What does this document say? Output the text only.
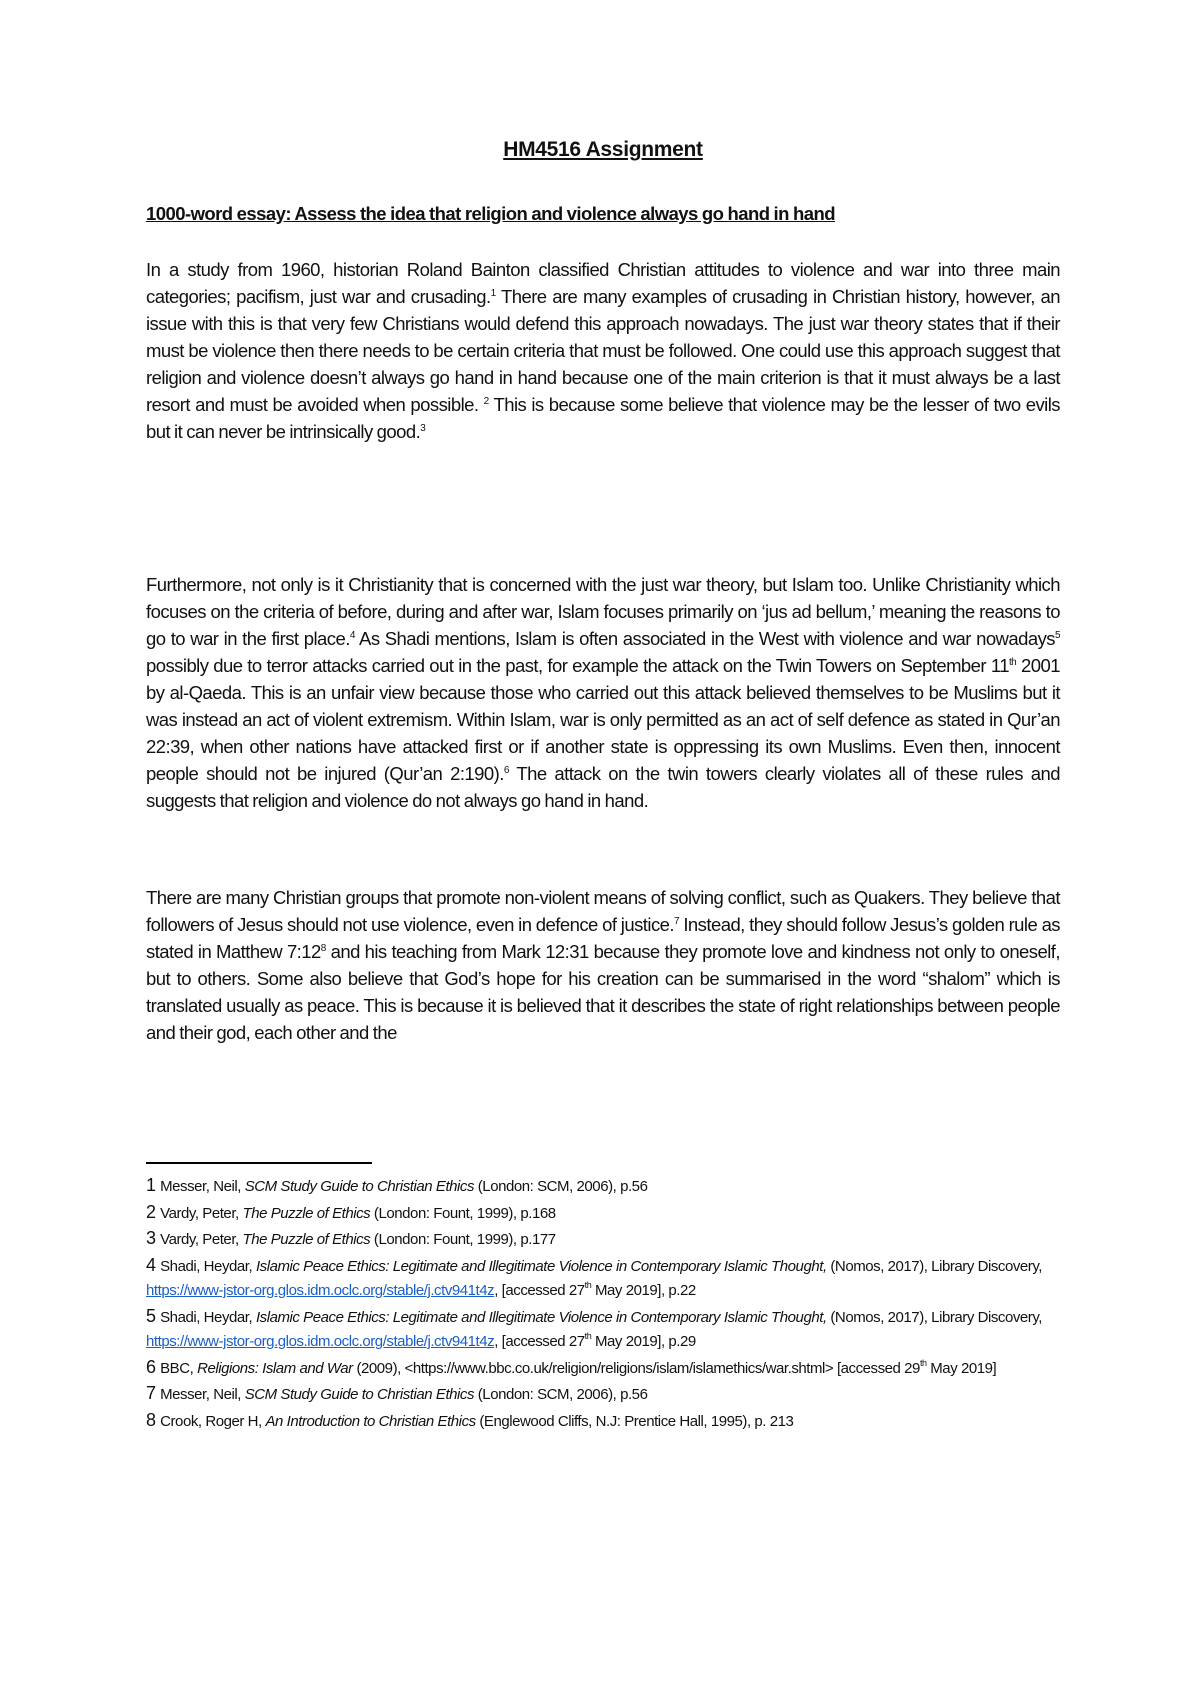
HM4516 Assignment
1000-word essay: Assess the idea that religion and violence always go hand in hand
In a study from 1960, historian Roland Bainton classified Christian attitudes to violence and war into three main categories; pacifism, just war and crusading.$^1$ There are many examples of crusading in Christian history, however, an issue with this is that very few Christians would defend this approach nowadays. The just war theory states that if their must be violence then there needs to be certain criteria that must be followed. One could use this approach suggest that religion and violence doesn’t always go hand in hand because one of the main criterion is that it must always be a last resort and must be avoided when possible. $^2$ This is because some believe that violence may be the lesser of two evils but it can never be intrinsically good.$^3$
Furthermore, not only is it Christianity that is concerned with the just war theory, but Islam too. Unlike Christianity which focuses on the criteria of before, during and after war, Islam focuses primarily on ‘jus ad bellum,’ meaning the reasons to go to war in the first place.$^4$ As Shadi mentions, Islam is often associated in the West with violence and war nowadays$^5$ possibly due to terror attacks carried out in the past, for example the attack on the Twin Towers on September 11th 2001 by al-Qaeda. This is an unfair view because those who carried out this attack believed themselves to be Muslims but it was instead an act of violent extremism. Within Islam, war is only permitted as an act of self defence as stated in Qur’an 22:39, when other nations have attacked first or if another state is oppressing its own Muslims. Even then, innocent people should not be injured (Qur’an 2:190).$^6$ The attack on the twin towers clearly violates all of these rules and suggests that religion and violence do not always go hand in hand.
There are many Christian groups that promote non-violent means of solving conflict, such as Quakers. They believe that followers of Jesus should not use violence, even in defence of justice.$^7$ Instead, they should follow Jesus’s golden rule as stated in Matthew $7:12^8$ and his teaching from Mark 12:31 because they promote love and kindness not only to oneself, but to others. Some also believe that God’s hope for his creation can be summarised in the word “shalom” which is translated usually as peace. This is because it is believed that it describes the state of right relationships between people and their god, each other and the
1 Messer, Neil, SCM Study Guide to Christian Ethics (London: SCM, 2006), p.56
2 Vardy, Peter, The Puzzle of Ethics (London: Fount, 1999), p.168
3 Vardy, Peter, The Puzzle of Ethics (London: Fount, 1999), p.177
4 Shadi, Heydar, Islamic Peace Ethics: Legitimate and Illegitimate Violence in Contemporary Islamic Thought, (Nomos, 2017), Library Discovery, https://www-jstor-org.glos.idm.oclc.org/stable/j.ctv941t4z, [accessed 27th May 2019], p.22
5 Shadi, Heydar, Islamic Peace Ethics: Legitimate and Illegitimate Violence in Contemporary Islamic Thought, (Nomos, 2017), Library Discovery, https://www-jstor-org.glos.idm.oclc.org/stable/j.ctv941t4z, [accessed 27th May 2019], p.29
6 BBC, Religions: Islam and War (2009), <https://www.bbc.co.uk/religion/religions/islam/islamethics/war.shtml> [accessed 29th May 2019]
7 Messer, Neil, SCM Study Guide to Christian Ethics (London: SCM, 2006), p.56
8 Crook, Roger H, An Introduction to Christian Ethics (Englewood Cliffs, N.J: Prentice Hall, 1995), p. 213
